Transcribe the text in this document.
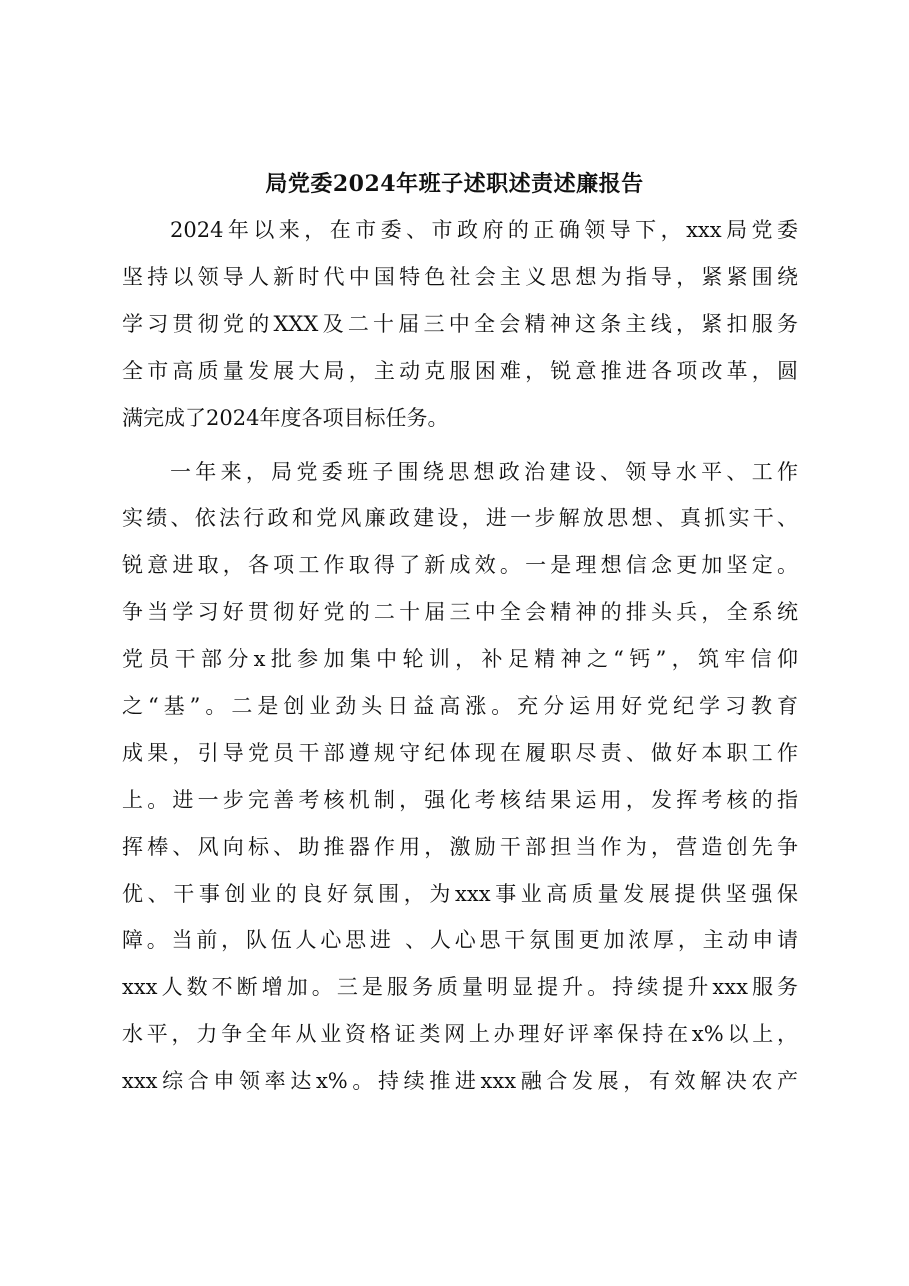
局党委2024年班子述职述责述廉报告

2024年以来，在市委、市政府的正确领导下，xxx局党委

坚持以领导人新时代中国特色社会主义思想为指导，紧紧围绕

学习贯彻党的XXX及二十届三中全会精神这条主线，紧扣服务

全市高质量发展大局，主动克服困难，锐意推进各项改革，圆

满完成了2024年度各项目标任务。

一年来，局党委班子围绕思想政治建设、领导水平、工作

实绩、依法行政和党风廉政建设，进一步解放思想、真抓实干、

锐意进取，各项工作取得了新成效。一是理想信念更加坚定。

争当学习好贯彻好党的二十届三中全会精神的排头兵，全系统

党员干部分x批参加集中轮训，补足精神之“钙”，筑牢信仰

之“基”。二是创业劲头日益高涨。充分运用好党纪学习教育

成果，引导党员干部遵规守纪体现在履职尽责、做好本职工作

上。进一步完善考核机制，强化考核结果运用，发挥考核的指

挥棒、风向标、助推器作用，激励干部担当作为，营造创先争

优、干事创业的良好氛围，为xxx事业高质量发展提供坚强保

障。当前，队伍人心思进 、人心思干氛围更加浓厚，主动申请

xxx人数不断增加。三是服务质量明显提升。持续提升xxx服务

水平，力争全年从业资格证类网上办理好评率保持在x%以上，

xxx综合申领率达x%。持续推进xxx融合发展，有效解决农产
